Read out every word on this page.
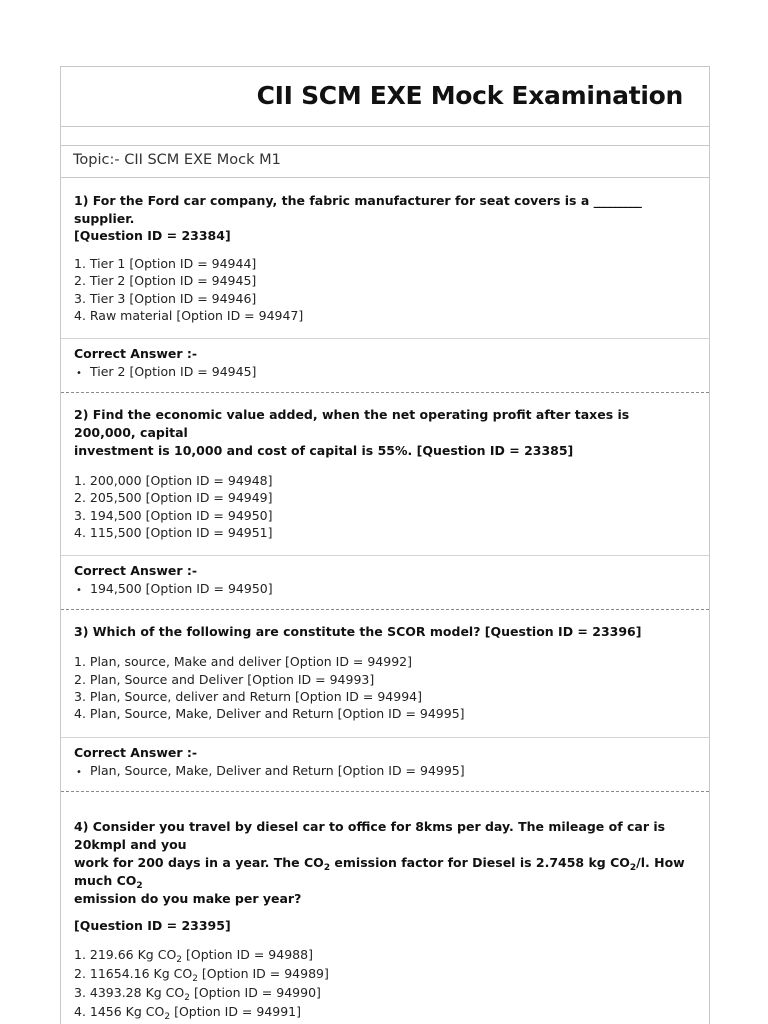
CII SCM EXE Mock Examination
Topic:- CII SCM EXE Mock M1
1) For the Ford car company, the fabric manufacturer for seat covers is a _________ supplier.
[Question ID = 23384]
1. Tier 1 [Option ID = 94944]
2. Tier 2 [Option ID = 94945]
3. Tier 3 [Option ID = 94946]
4. Raw material [Option ID = 94947]
Correct Answer :-
• Tier 2 [Option ID = 94945]
2) Find the economic value added, when the net operating profit after taxes is 200,000, capital
investment is 10,000 and cost of capital is 55%. [Question ID = 23385]
1. 200,000 [Option ID = 94948]
2. 205,500 [Option ID = 94949]
3. 194,500 [Option ID = 94950]
4. 115,500 [Option ID = 94951]
Correct Answer :-
• 194,500 [Option ID = 94950]
3) Which of the following are constitute the SCOR model? [Question ID = 23396]
1. Plan, source, Make and deliver [Option ID = 94992]
2. Plan, Source and Deliver [Option ID = 94993]
3. Plan, Source, deliver and Return [Option ID = 94994]
4. Plan, Source, Make, Deliver and Return [Option ID = 94995]
Correct Answer :-
• Plan, Source, Make, Deliver and Return [Option ID = 94995]
4) Consider you travel by diesel car to office for 8kms per day. The mileage of car is 20kmpl and you
work for 200 days in a year. The $CO_2$ emission factor for Diesel is 2.7458 kg $CO_2/l$. How much $CO_2$
emission do you make per year?
[Question ID = 23395]
1. 219.66 Kg $CO_2$ [Option ID = 94988]
2. 11654.16 Kg $CO_2$ [Option ID = 94989]
3. 4393.28 Kg $CO_2$ [Option ID = 94990]
4. 1456 Kg $CO_2$ [Option ID = 94991]
